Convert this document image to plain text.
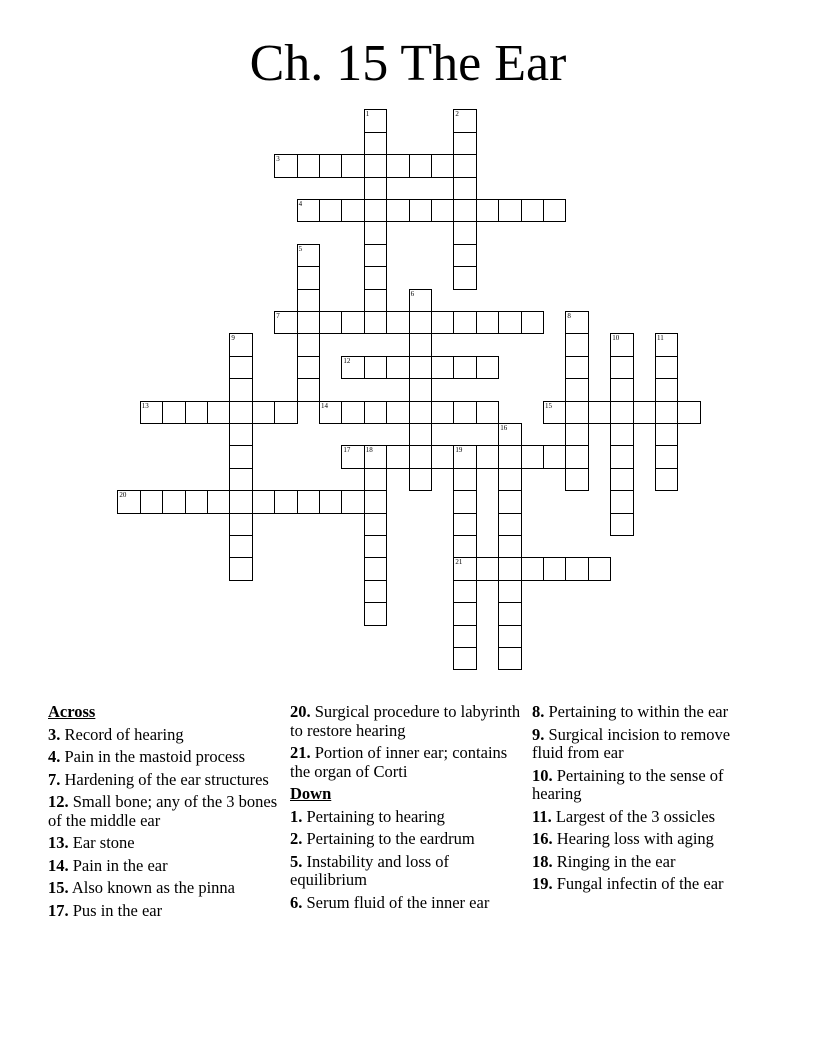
Ch. 15 The Ear
1	2
3
4
5
6
7	8
9	10	11
12
13	14	15
16
17 18	19
21
20
Across
3. Record of hearing
4. Pain in the mastoid process
7. Hardening of the ear structures
12. Small bone; any of the 3 bones of the middle ear
13. Ear stone
14. Pain in the ear
15. Also known as the pinna
17. Pus in the ear
20. Surgical procedure to labyrinth to restore hearing
21. Portion of inner ear; contains the organ of Corti
Down
1. Pertaining to hearing
2. Pertaining to the eardrum
5. Instability and loss of equilibrium
6. Serum fluid of the inner ear
8. Pertaining to within the ear
9. Surgical incision to remove fluid from ear
10. Pertaining to the sense of hearing
11. Largest of the 3 ossicles
16. Hearing loss with aging
18. Ringing in the ear
19. Fungal infectin of the ear
